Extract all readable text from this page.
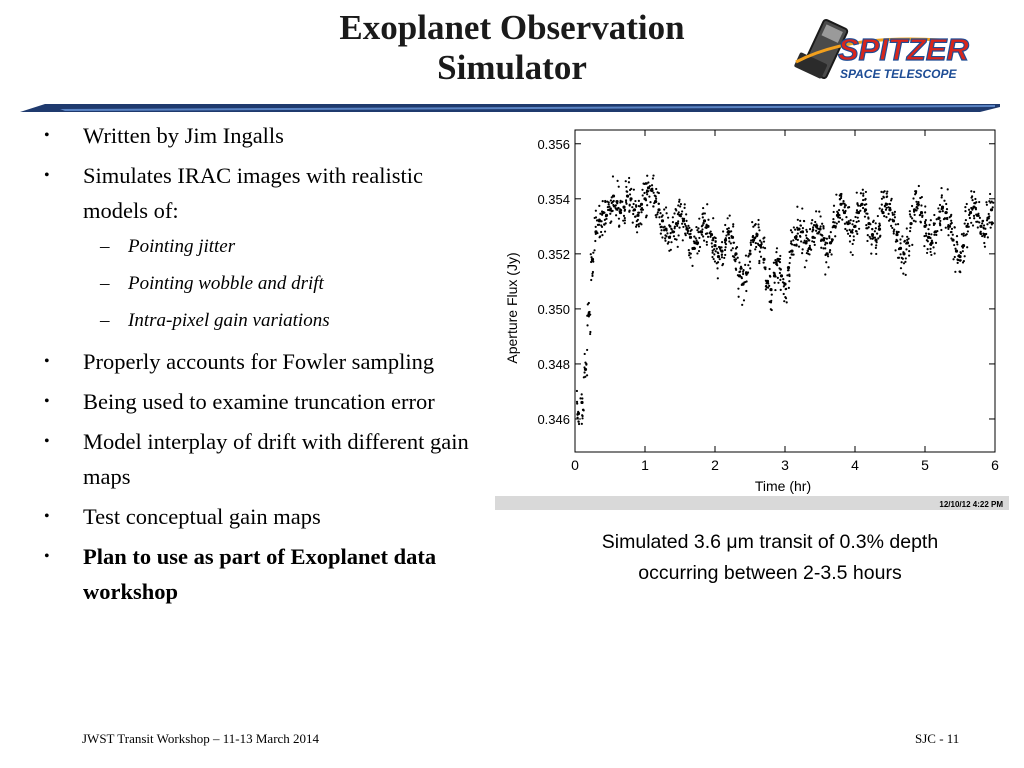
Exoplanet Observation
Simulator	SPITZER
SPACE TELESCOPE
• Written by Jim Ingalls
• Simulates IRAC images with realistic models of:
– Pointing jitter
– Pointing wobble and drift
– Intra-pixel gain variations
• Properly accounts for Fowler sampling
• Being used to examine truncation error
• Model interplay of drift with different gain maps
• Test conceptual gain maps
• Plan to use as part of Exoplanet data workshop
0	1	2	3	4	5	6
0.346
0.348
0.350
0.352
0.354
0.356
Time (hr)
Aperture Flux (Jy)
12/10/12 4:22 PM
Simulated 3.6 μm transit of 0.3% depth
occurring between 2-3.5 hours
JWST Transit Workshop – 11-13 March 2014	SJC - 11
